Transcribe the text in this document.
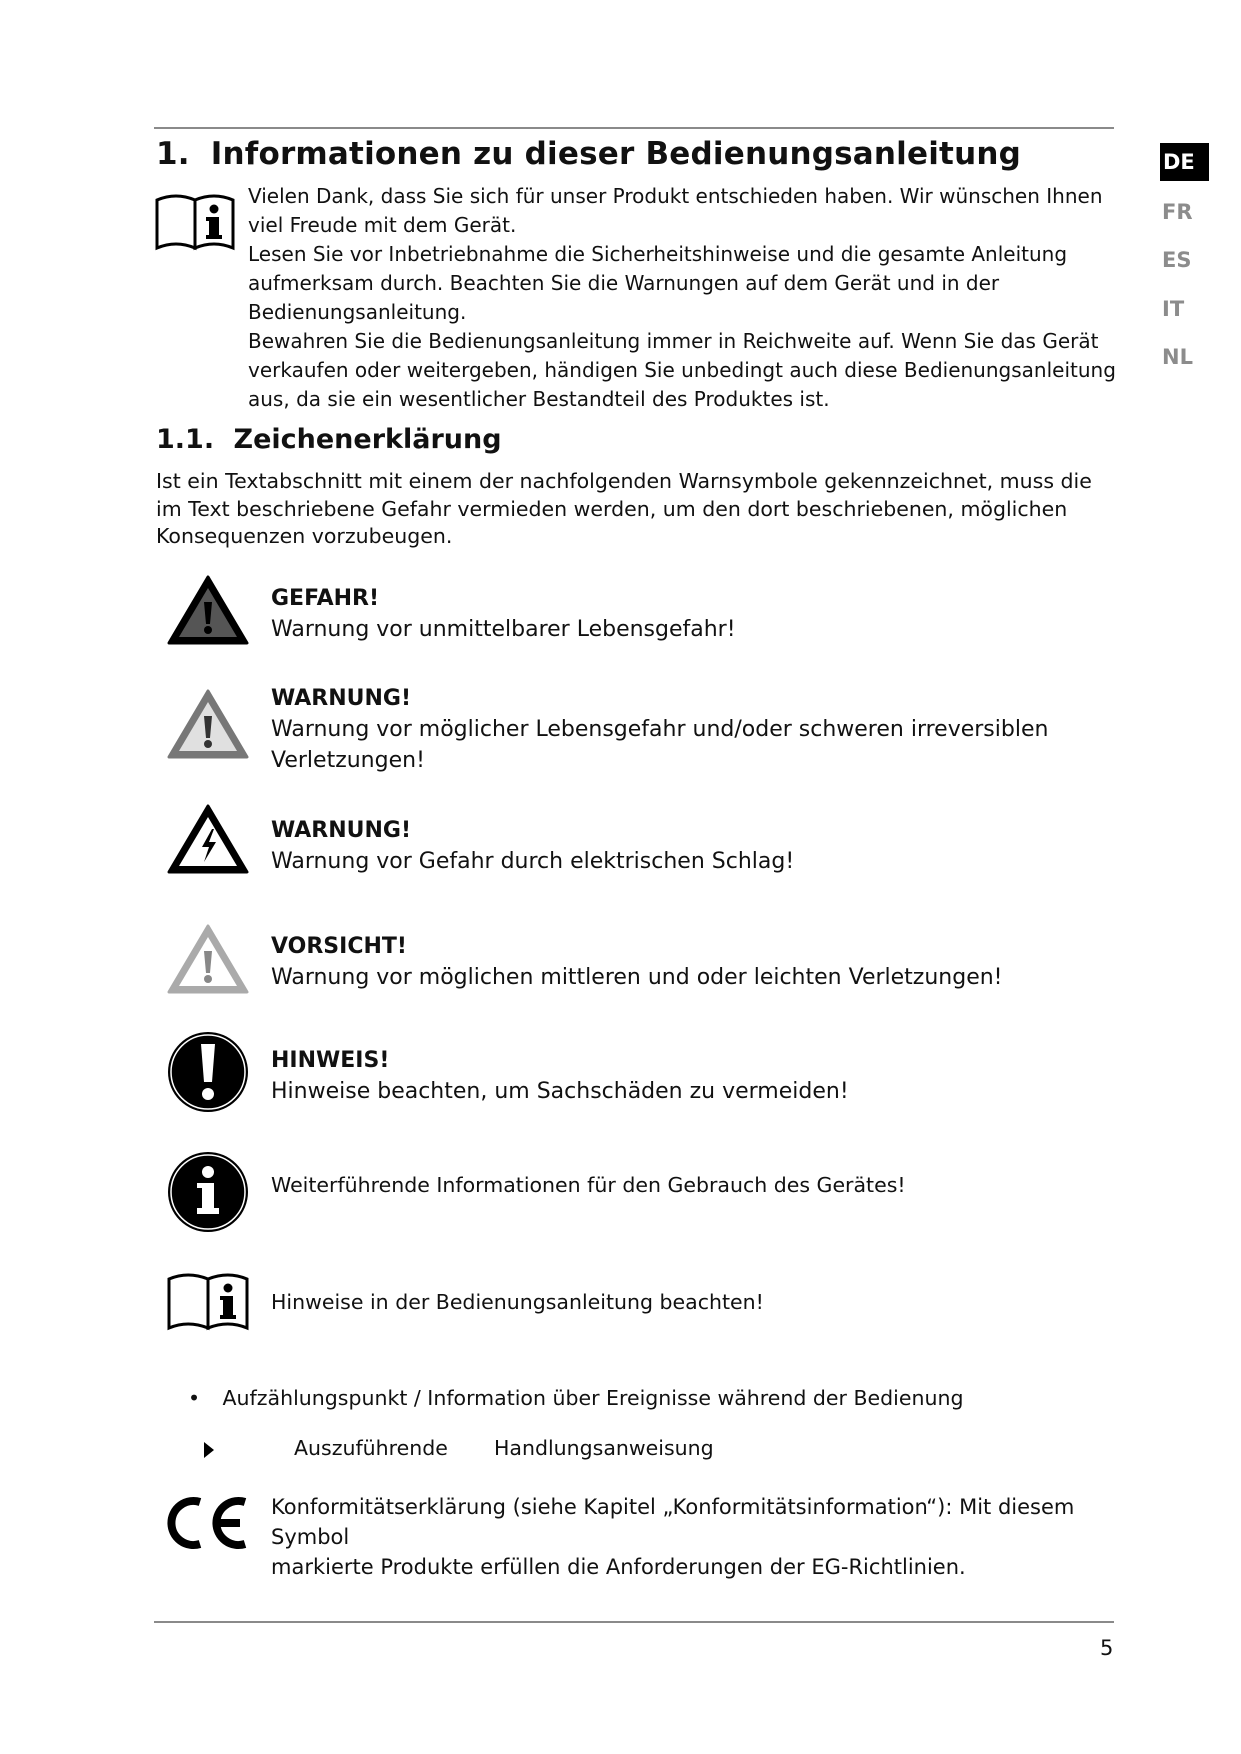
1. Informationen zu dieser Bedienungsanleitung

Vielen Dank, dass Sie sich für unser Produkt entschieden haben. Wir wünschen Ihnen viel Freude mit dem Gerät.

Lesen Sie vor Inbetriebnahme die Sicherheitshinweise und die gesamte Anleitung aufmerksam durch. Beachten Sie die Warnungen auf dem Gerät und in der Bedienungsanleitung.

Bewahren Sie die Bedienungsanleitung immer in Reichweite auf. Wenn Sie das Gerät verkaufen oder weitergeben, händigen Sie unbedingt auch diese Bedienungsanleitung aus, da sie ein wesentlicher Bestandteil des Produktes ist.

1.1. Zeichenerklärung

Ist ein Textabschnitt mit einem der nachfolgenden Warnsymbole gekennzeichnet, muss die im Text beschriebene Gefahr vermieden werden, um den dort beschriebenen, möglichen Konsequenzen vorzubeugen.

GEFAHR!
Warnung vor unmittelbarer Lebensgefahr!
WARNUNG!
Warnung vor möglicher Lebensgefahr und/oder schweren irreversiblen Verletzungen!
WARNUNG!
Warnung vor Gefahr durch elektrischen Schlag!
VORSICHT!
Warnung vor möglichen mittleren und oder leichten Verletzungen!
HINWEIS!
Hinweise beachten, um Sachschäden zu vermeiden!
Weiterführende Informationen für den Gebrauch des Gerätes!
Hinweise in der Bedienungsanleitung beachten!
• Aufzählungspunkt / Information über Ereignisse während der Bedienung
Auszuführende Handlungsanweisung
Konformitätserklärung (siehe Kapitel „Konformitätsinformation“): Mit diesem Symbol
markierte Produkte erfüllen die Anforderungen der EG-Richtlinien.
DE
FR
ES
IT
NL
5
